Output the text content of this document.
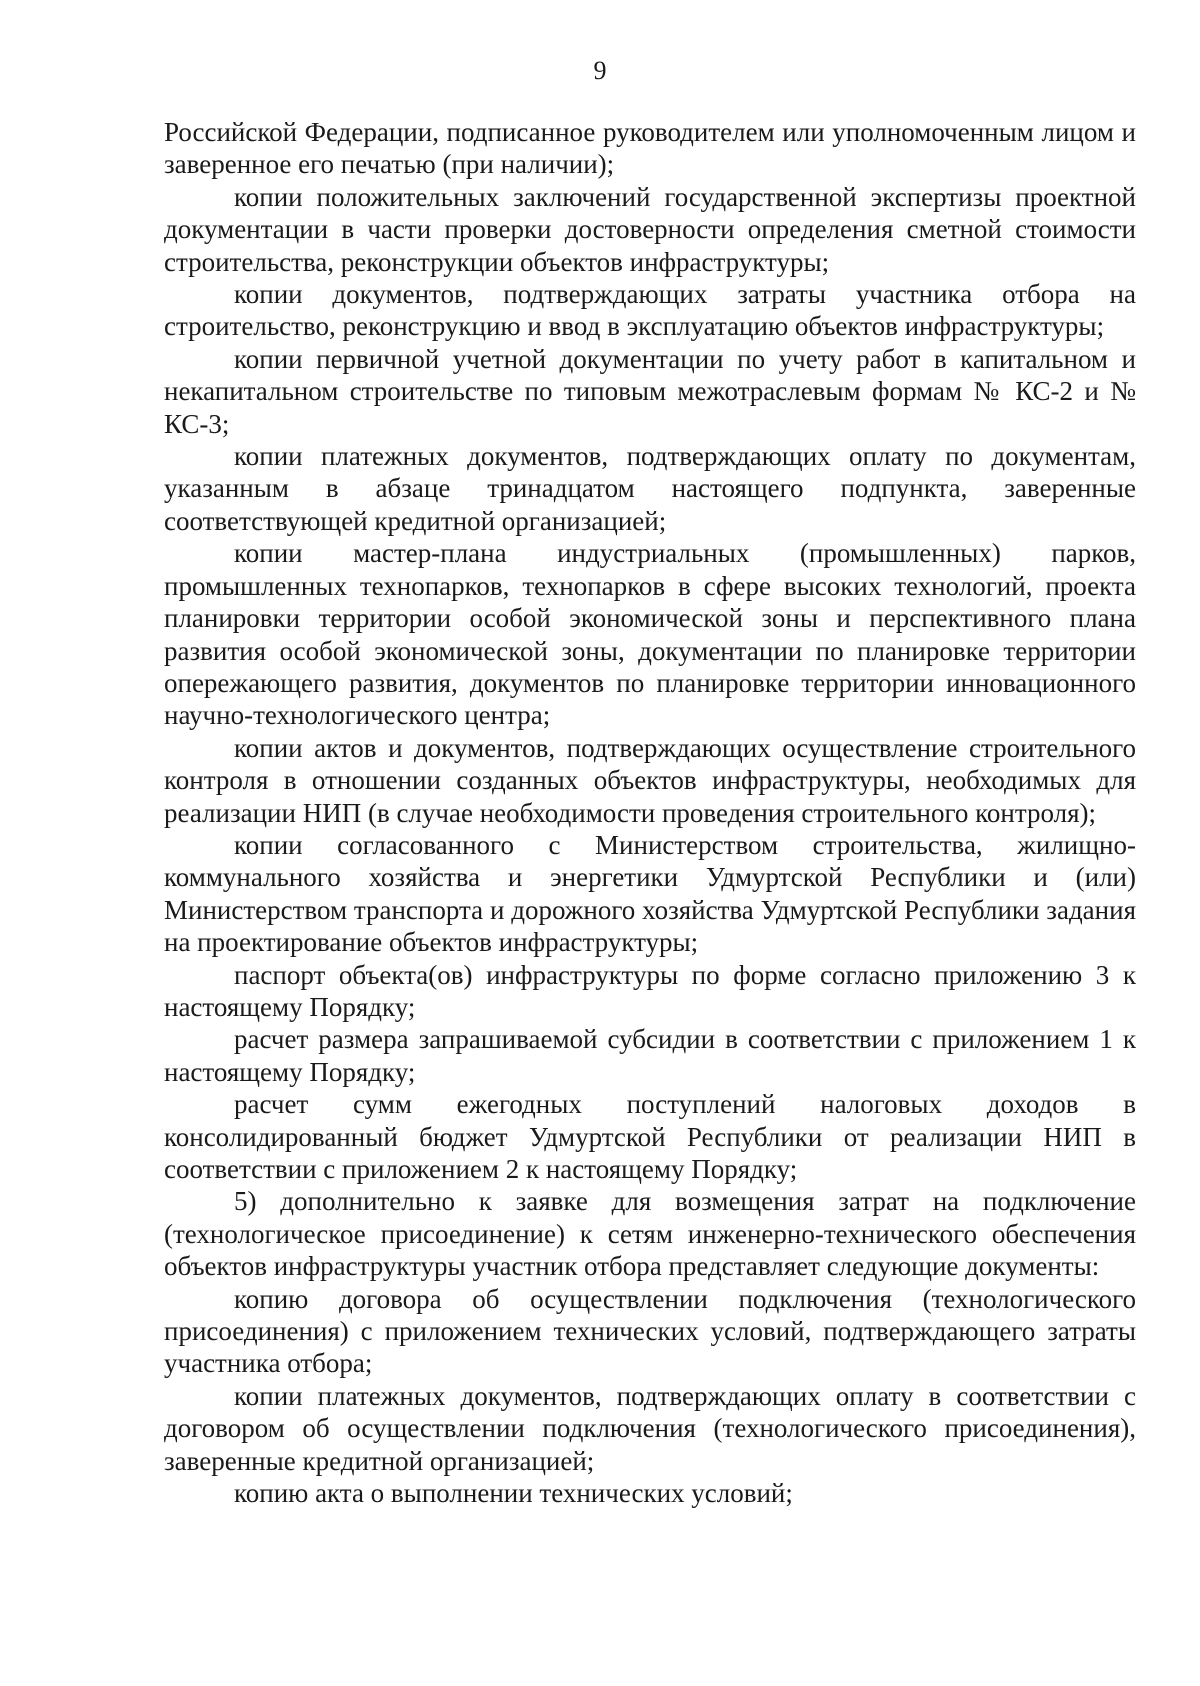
9

Российской Федерации, подписанное руководителем или уполномоченным лицом и заверенное его печатью (при наличии);

копии положительных заключений государственной экспертизы проектной документации в части проверки достоверности определения сметной стоимости строительства, реконструкции объектов инфраструктуры;

копии документов, подтверждающих затраты участника отбора на строительство, реконструкцию и ввод в эксплуатацию объектов инфраструктуры;

копии первичной учетной документации по учету работ в капитальном и некапитальном строительстве по типовым межотраслевым формам № КС-2 и № КС-3;

копии платежных документов, подтверждающих оплату по документам, указанным в абзаце тринадцатом настоящего подпункта, заверенные соответствующей кредитной организацией;

копии мастер-плана индустриальных (промышленных) парков, промышленных технопарков, технопарков в сфере высоких технологий, проекта планировки территории особой экономической зоны и перспективного плана развития особой экономической зоны, документации по планировке территории опережающего развития, документов по планировке территории инновационного научно-технологического центра;

копии актов и документов, подтверждающих осуществление строительного контроля в отношении созданных объектов инфраструктуры, необходимых для реализации НИП (в случае необходимости проведения строительного контроля);

копии согласованного с Министерством строительства, жилищно-коммунального хозяйства и энергетики Удмуртской Республики и (или) Министерством транспорта и дорожного хозяйства Удмуртской Республики задания на проектирование объектов инфраструктуры;

паспорт объекта(ов) инфраструктуры по форме согласно приложению 3 к настоящему Порядку;

расчет размера запрашиваемой субсидии в соответствии с приложением 1 к настоящему Порядку;

расчет сумм ежегодных поступлений налоговых доходов в консолидированный бюджет Удмуртской Республики от реализации НИП в соответствии с приложением 2 к настоящему Порядку;

5) дополнительно к заявке для возмещения затрат на подключение (технологическое присоединение) к сетям инженерно-технического обеспечения объектов инфраструктуры участник отбора представляет следующие документы:

копию договора об осуществлении подключения (технологического присоединения) с приложением технических условий, подтверждающего затраты участника отбора;

копии платежных документов, подтверждающих оплату в соответствии с договором об осуществлении подключения (технологического присоединения), заверенные кредитной организацией;

копию акта о выполнении технических условий;
